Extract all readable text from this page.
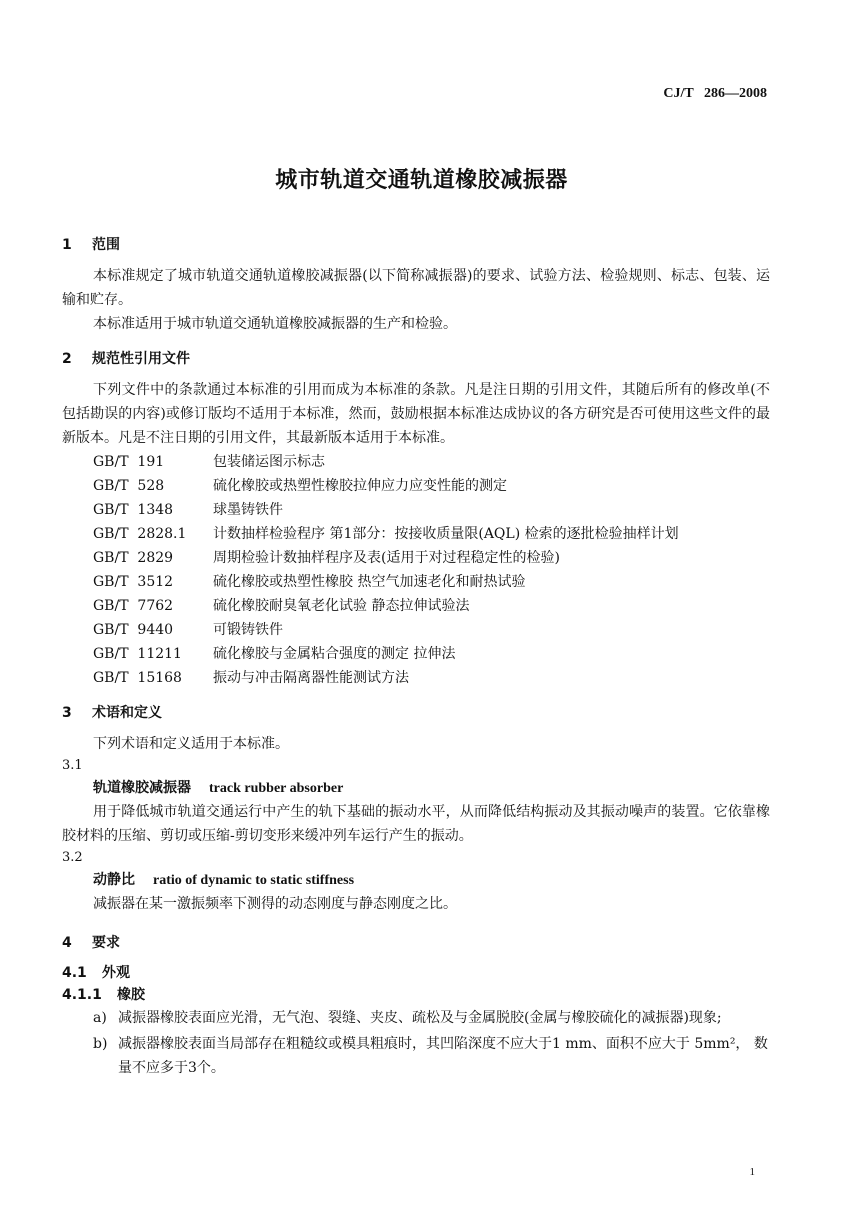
CJ/T   286—2008
城市轨道交通轨道橡胶减振器
1 范围

本标准规定了城市轨道交通轨道橡胶减振器(以下简称减振器)的要求、试验方法、检验规则、标志、包装、运输和贮存。

本标准适用于城市轨道交通轨道橡胶减振器的生产和检验。

2 规范性引用文件

下列文件中的条款通过本标准的引用而成为本标准的条款。凡是注日期的引用文件，其随后所有的修改单(不包括勘误的内容)或修订版均不适用于本标准，然而，鼓励根据本标准达成协议的各方研究是否可使用这些文件的最新版本。凡是不注日期的引用文件，其最新版本适用于本标准。

GB/T  191	包装储运图示标志
GB/T  528	硫化橡胶或热塑性橡胶拉伸应力应变性能的测定
GB/T  1348	球墨铸铁件
GB/T  2828.1 计数抽样检验程序 第1部分：按接收质量限(AQL) 检索的逐批检验抽样计划
GB/T  2829	周期检验计数抽样程序及表(适用于对过程稳定性的检验)
GB/T  3512	硫化橡胶或热塑性橡胶 热空气加速老化和耐热试验
GB/T  7762	硫化橡胶耐臭氧老化试验 静态拉伸试验法
GB/T  9440	可锻铸铁件
GB/T  11211 硫化橡胶与金属粘合强度的测定 拉伸法
GB/T  15168 振动与冲击隔离器性能测试方法
3 术语和定义

下列术语和定义适用于本标准。

3.1
轨道橡胶减振器 track rubber absorber

用于降低城市轨道交通运行中产生的轨下基础的振动水平，从而降低结构振动及其振动噪声的装置。它依靠橡胶材料的压缩、剪切或压缩-剪切变形来缓冲列车运行产生的振动。

3.2
动静比 ratio of dynamic to static stiffness

减振器在某一激振频率下测得的动态刚度与静态刚度之比。

4 要求
4.1 外观
4.1.1 橡胶
a) 减振器橡胶表面应光滑，无气泡、裂缝、夹皮、疏松及与金属脱胶(金属与橡胶硫化的减振器)现象;
b) 减振器橡胶表面当局部存在粗糙纹或模具粗痕时，其凹陷深度不应大于1 mm、面积不应大于 5mm²， 数量不应多于3个。
1
